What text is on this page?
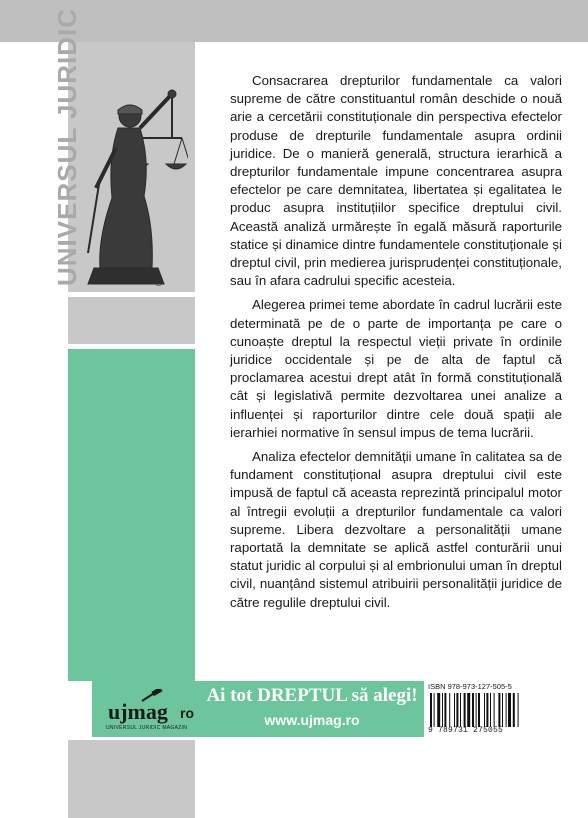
UNIVERSUL JURIDIC	®

Consacrarea drepturilor fundamentale ca valori supreme de către constituantul român deschide o nouă arie a cercetării constituționale din perspectiva efectelor produse de drepturile fundamentale asupra ordinii juridice. De o manieră generală, structura ierarhică a drepturilor fundamentale impune concentrarea asupra efectelor pe care demnitatea, libertatea și egalitatea le produc asupra instituțiilor specifice dreptului civil. Această analiză urmărește în egală măsură raporturile statice și dinamice dintre fundamentele constituționale și dreptul civil, prin medierea jurisprudenței constituționale, sau în afara cadrului specific acesteia.

Alegerea primei teme abordate în cadrul lucrării este determinată pe de o parte de importanța pe care o cunoaște dreptul la respectul vieții private în ordinile juridice occidentale și pe de alta de faptul că proclamarea acestui drept atât în formă constituțională cât și legislativă permite dezvoltarea unei analize a influenței și raporturilor dintre cele două spații ale ierarhiei normative în sensul impus de tema lucrării.

Analiza efectelor demnității umane în calitatea sa de fundament constituțional asupra dreptului civil este impusă de faptul că aceasta reprezintă principalul motor al întregii evoluții a drepturilor fundamentale ca valori supreme. Libera dezvoltare a personalității umane raportată la demnitate se aplică astfel conturării unui statut juridic al corpului și al embrionului uman în dreptul civil, nuanțând sistemul atribuirii personalității juridice de către regulile dreptului civil.

ujmag ro
UNIVERSUL JURIDIC MAGAZIN
Ai tot DREPTUL să alegi!
www.ujmag.ro
ISBN 978-973-127-505-5
9 789731 275055
